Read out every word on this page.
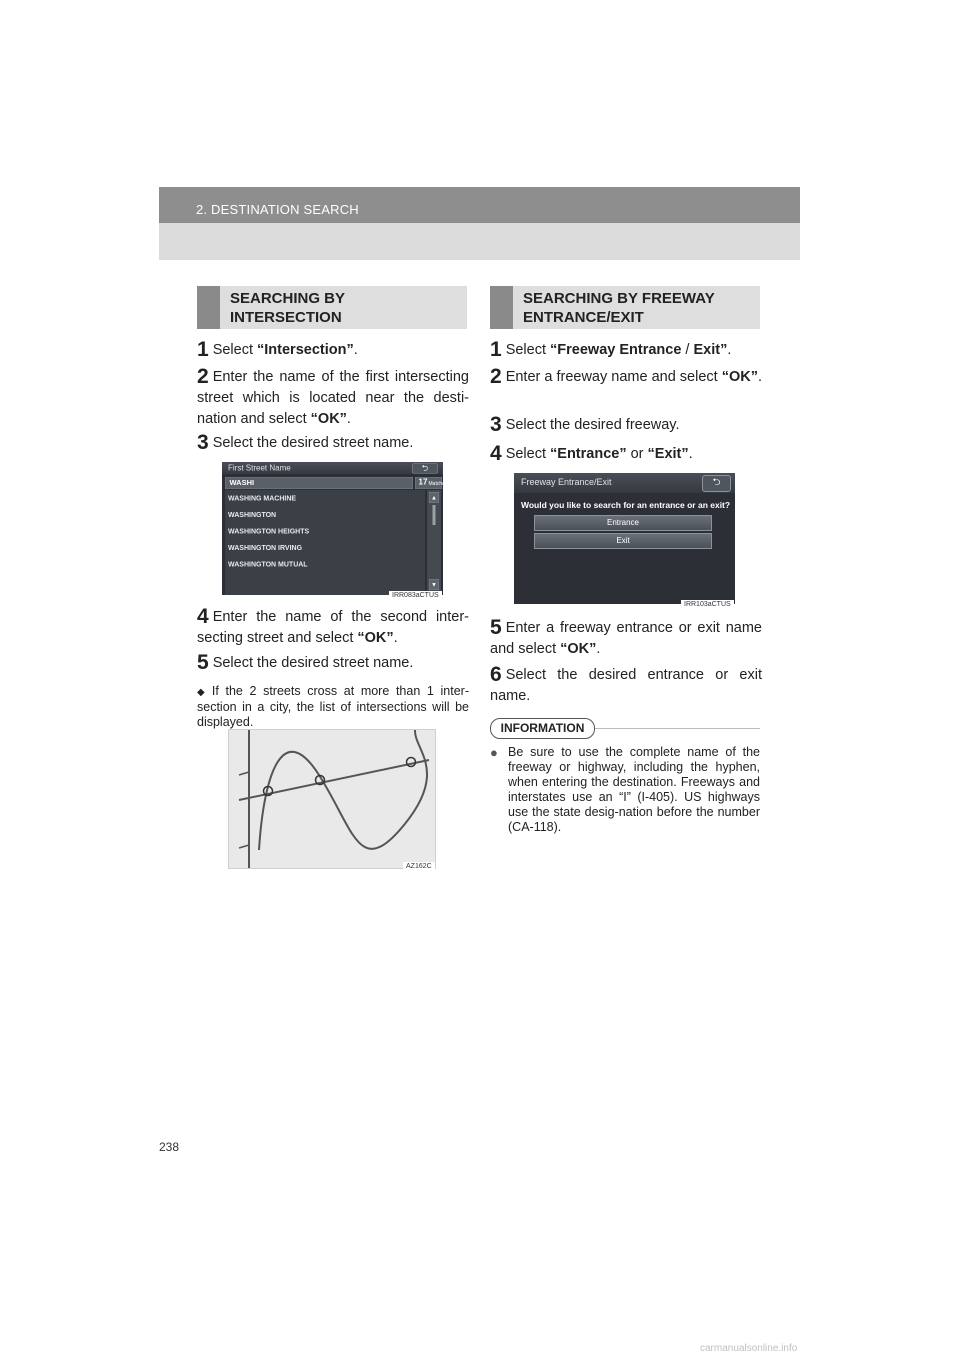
2. DESTINATION SEARCH
SEARCHING BY
INTERSECTION
1 Select “Intersection”.
2 Enter the name of the first intersecting street which is located near the desti-nation and select “OK”.
3 Select the desired street name.
First Street Name	⮌
WASHI	17 Matches
WASHING MACHINE
WASHINGTON
WASHINGTON HEIGHTS
WASHINGTON IRVING
WASHINGTON MUTUAL
▲
▼
IRR083aCTUS
4 Enter the name of the second inter-secting street and select “OK”.
5 Select the desired street name.
◆ If the 2 streets cross at more than 1 inter-section in a city, the list of intersections will be displayed.
AZ162C
SEARCHING BY FREEWAY
ENTRANCE/EXIT
1 Select “Freeway Entrance / Exit”.
2 Enter a freeway name and select “OK”.
3 Select the desired freeway.
4 Select “Entrance” or “Exit”.
Freeway Entrance/Exit	⮌
Would you like to search for an entrance or an exit?
Entrance
Exit
IRR103aCTUS
5 Enter a freeway entrance or exit name and select “OK”.
6 Select the desired entrance or exit name.
INFORMATION
● Be sure to use the complete name of the freeway or highway, including the hyphen, when entering the destination. Freeways and interstates use an “I” (I-405). US highways use the state desig-nation before the number (CA-118).
238
carmanualsonline.info
